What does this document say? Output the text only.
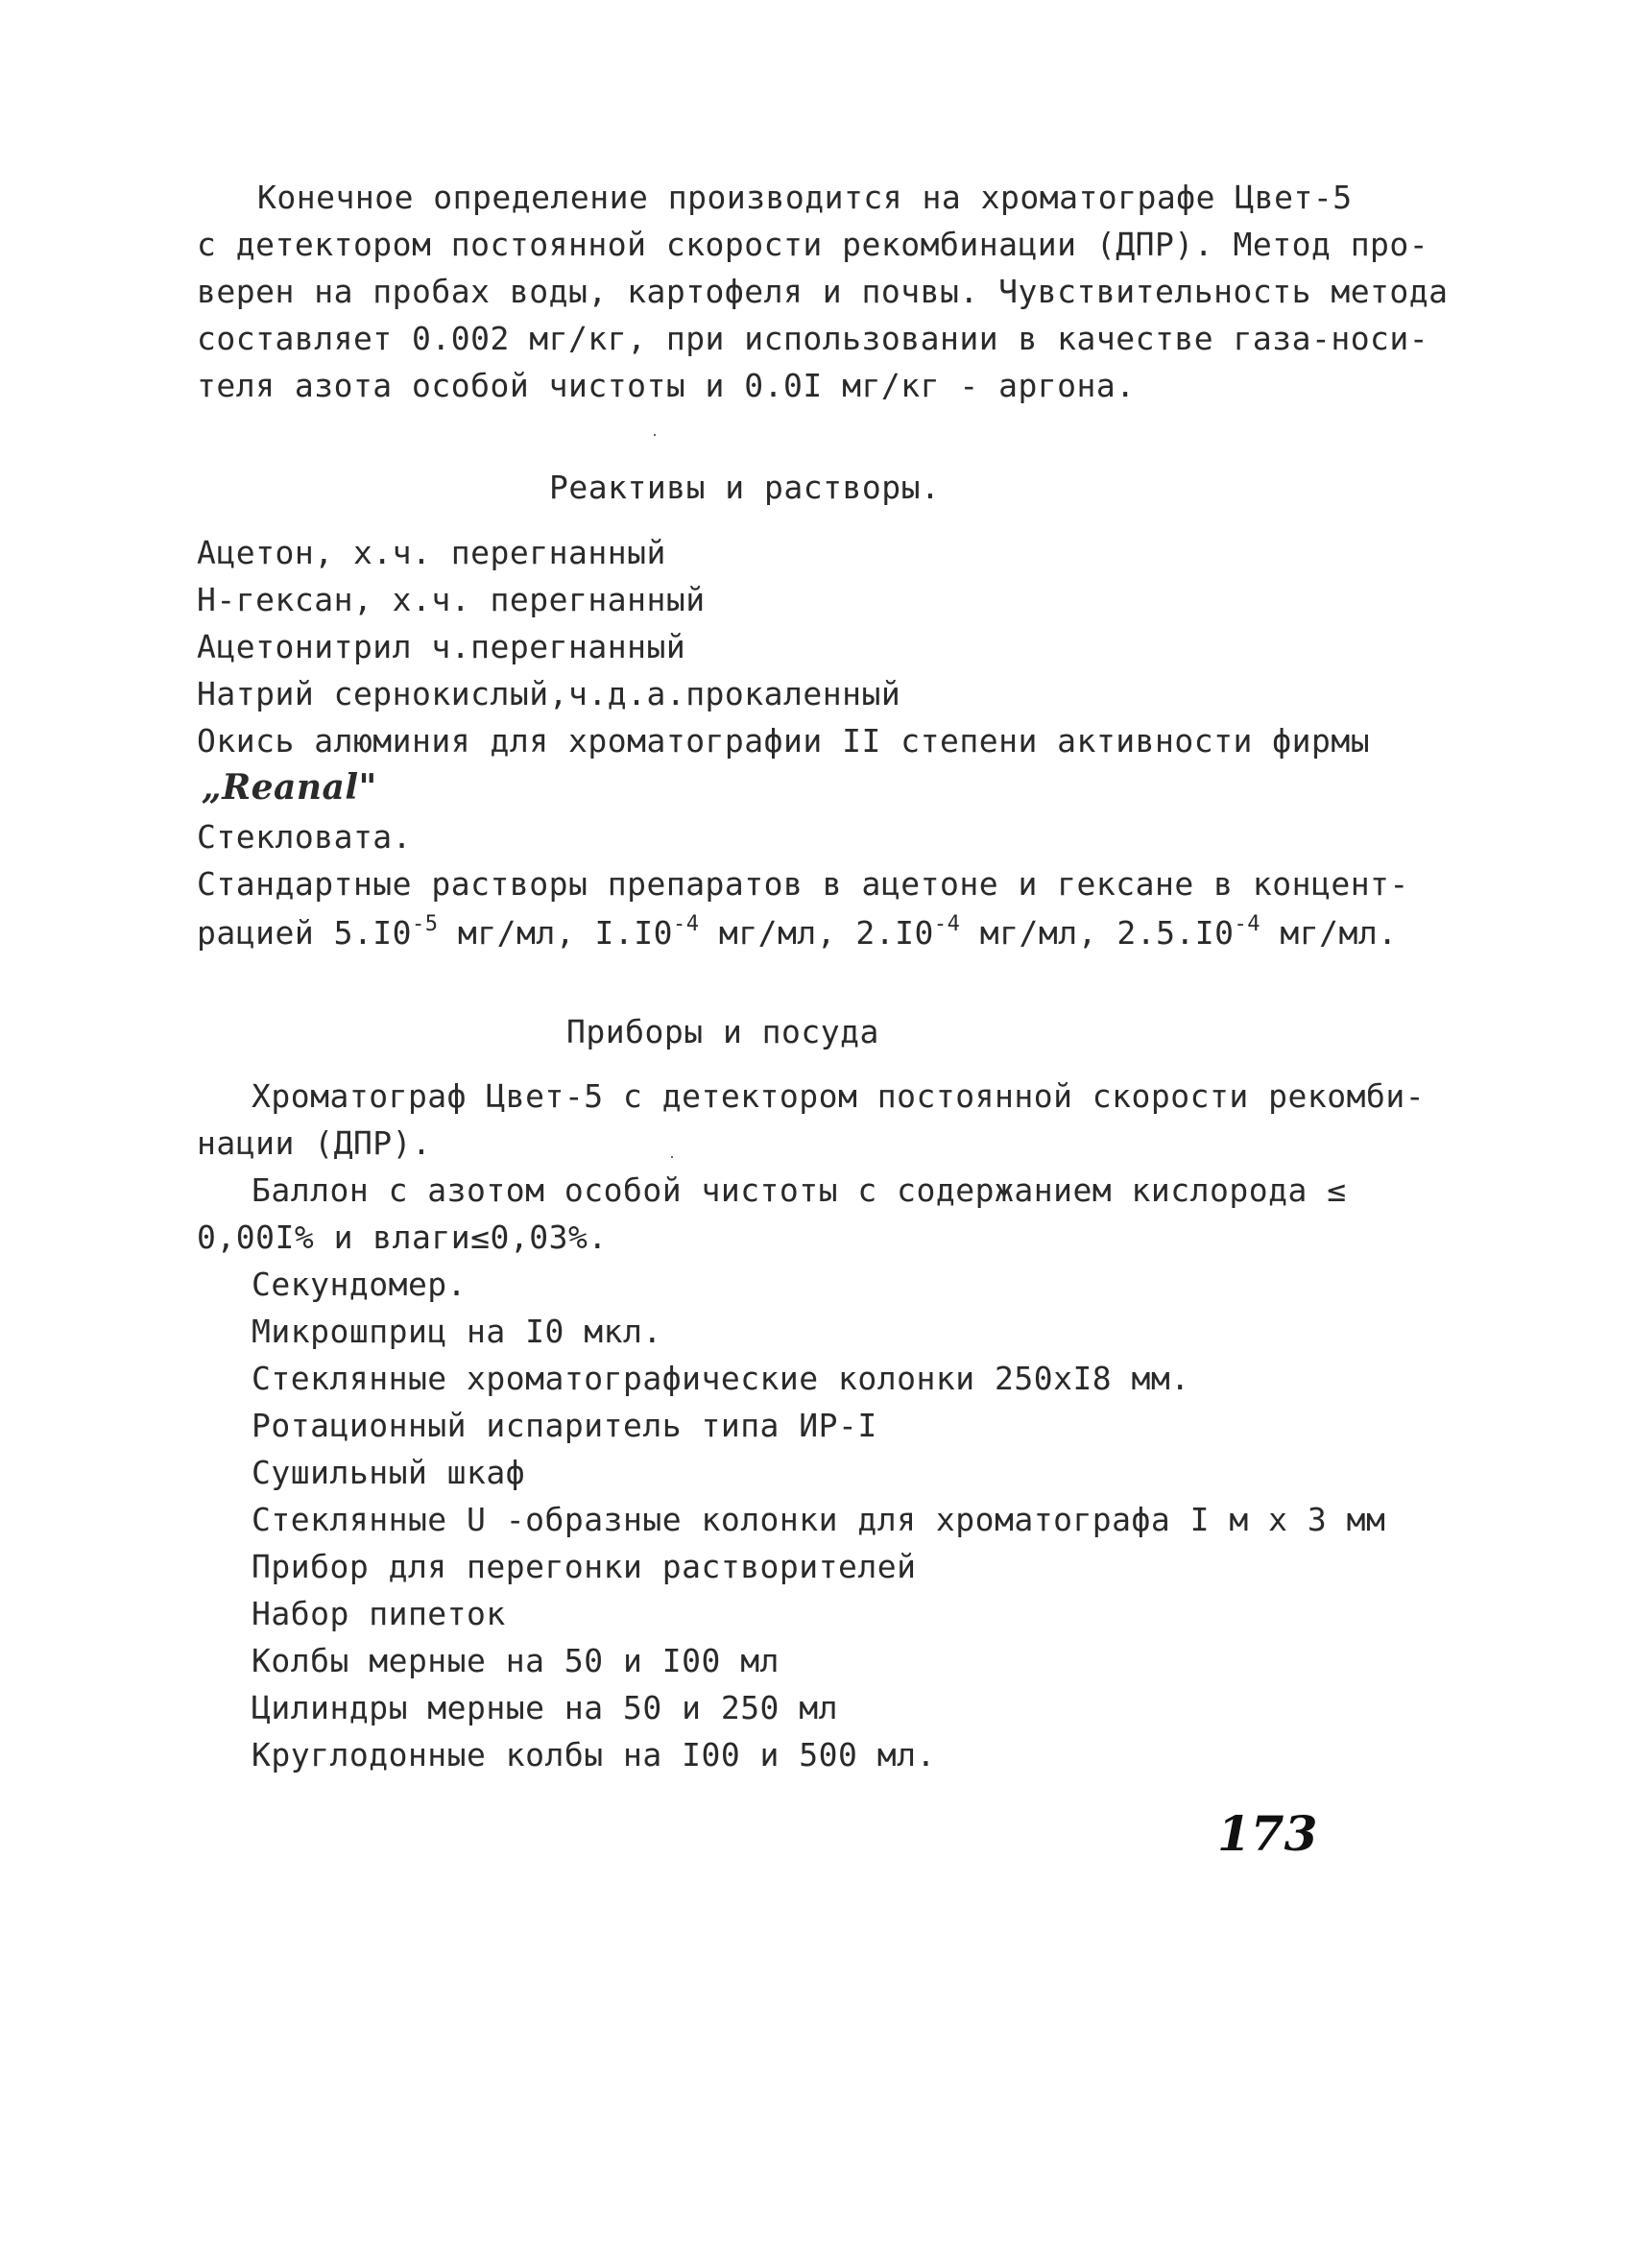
Конечное определение производится на хроматографе Цвет-5
с детектором постоянной скорости рекомбинации (ДПР). Метод про-
верен на пробах воды, картофеля и почвы. Чувствительность метода
составляет 0.002 мг/кг, при использовании в качестве газа-носи-
теля азота особой чистоты и 0.0I мг/кг - аргона.
Реактивы и растворы.
Ацетон, х.ч. перегнанный
Н-гексан, х.ч. перегнанный
Ацетонитрил ч.перегнанный
Натрий сернокислый,ч.д.а.прокаленный
Окись алюминия для хроматографии II степени активности фирмы
„Reanal"
Стекловата.
Стандартные растворы препаратов в ацетоне и гексане в концент-
рацией $5.I0^{-5}$ мг/мл, $I.I0^{-4}$ мг/мл, $2.I0^{-4}$ мг/мл, $2.5.I0^{-4}$ мг/мл.
Приборы и посуда
Хроматограф Цвет-5 с детектором постоянной скорости рекомби-
нации (ДПР).
Баллон с азотом особой чистоты с содержанием кислорода ≤
0,00I% и влаги≤0,03%.
Секундомер.
Микрошприц на I0 мкл.
Стеклянные хроматографические колонки 250хI8 мм.
Ротационный испаритель типа ИР-I
Сушильный шкаф
Стеклянные U -образные колонки для хроматографа I м х 3 мм
Прибор для перегонки растворителей
Набор пипеток
Колбы мерные на 50 и I00 мл
Цилиндры мерные на 50 и 250 мл
Круглодонные колбы на I00 и 500 мл.
173
